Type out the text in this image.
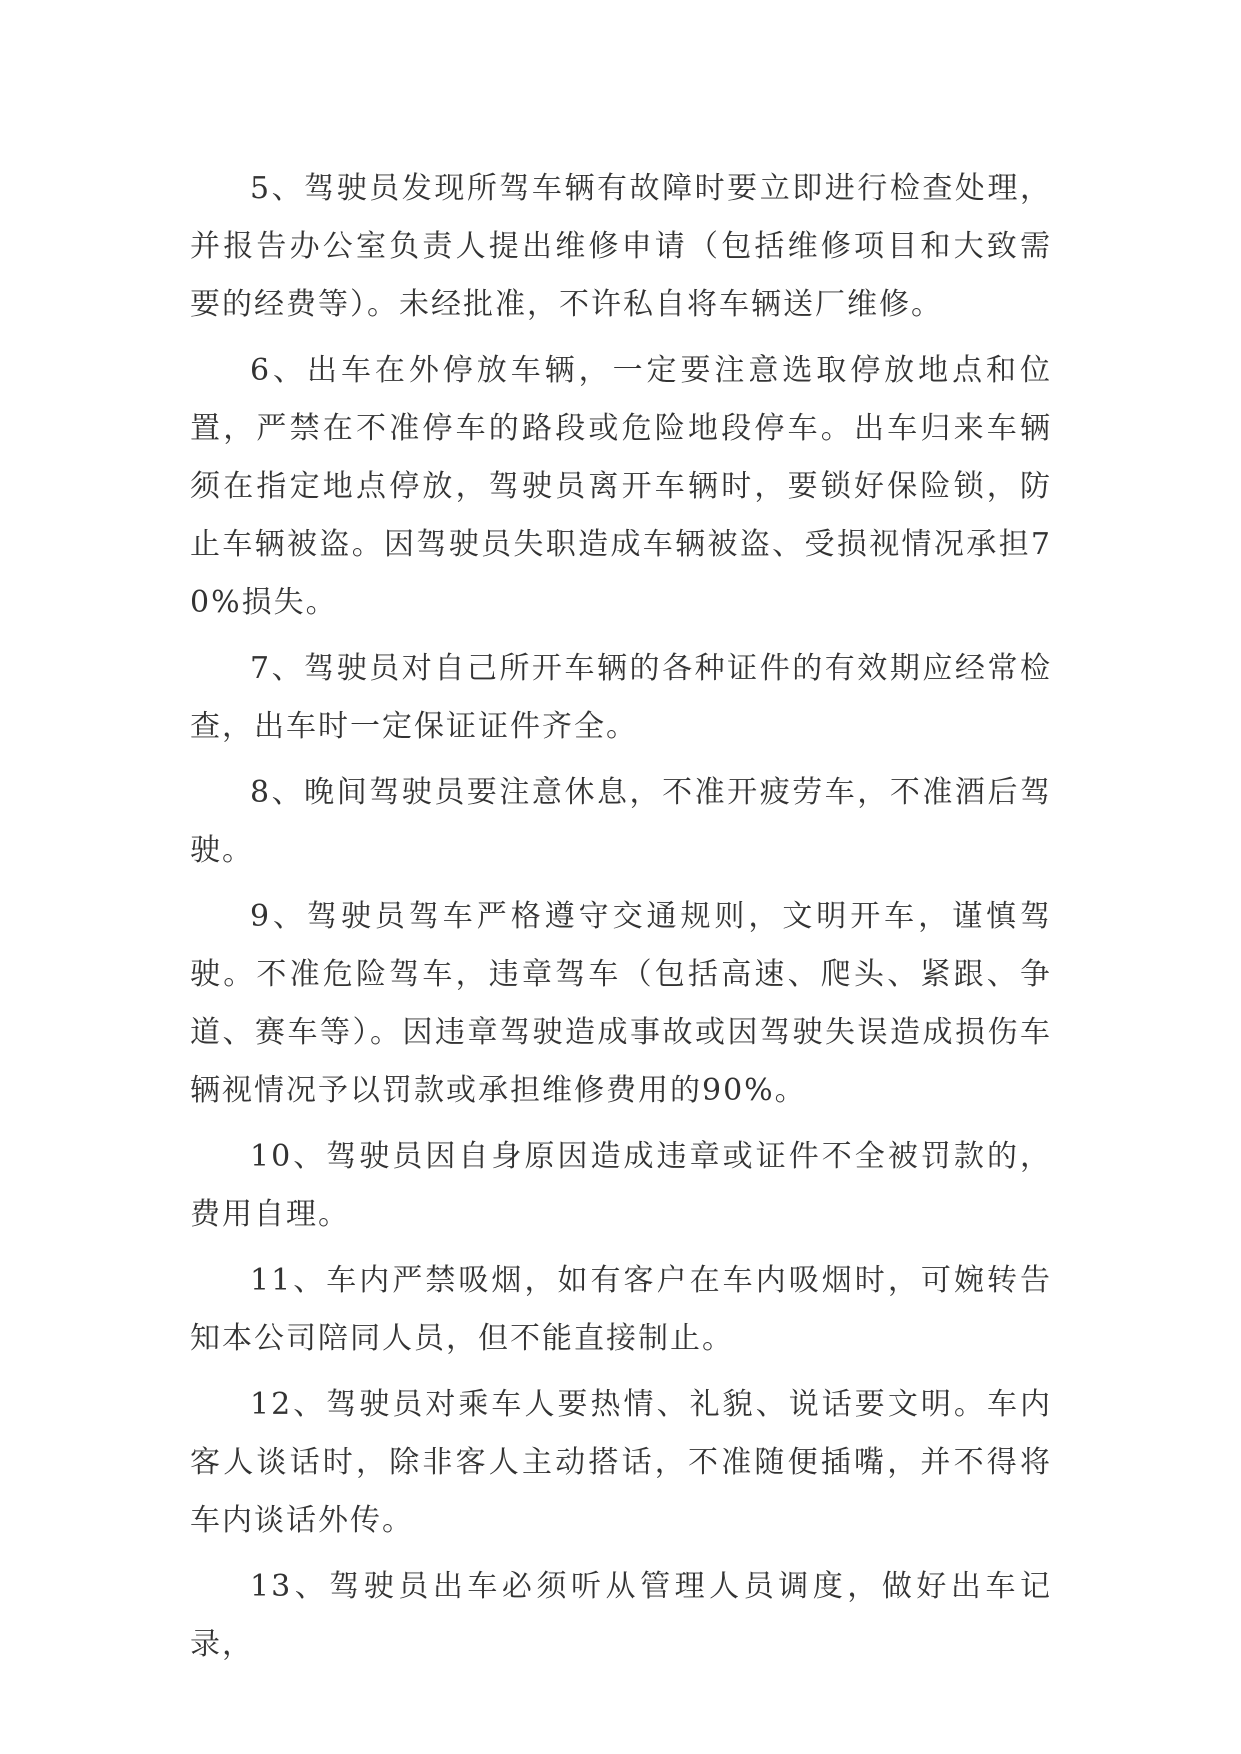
5、驾驶员发现所驾车辆有故障时要立即进行检查处理，并报告办公室负责人提出维修申请（包括维修项目和大致需要的经费等）。未经批准，不许私自将车辆送厂维修。

6、出车在外停放车辆，一定要注意选取停放地点和位置，严禁在不准停车的路段或危险地段停车。出车归来车辆须在指定地点停放，驾驶员离开车辆时，要锁好保险锁，防止车辆被盗。因驾驶员失职造成车辆被盗、受损视情况承担70%损失。

7、驾驶员对自己所开车辆的各种证件的有效期应经常检查，出车时一定保证证件齐全。

8、晚间驾驶员要注意休息，不准开疲劳车，不准酒后驾驶。

9、驾驶员驾车严格遵守交通规则，文明开车，谨慎驾驶。不准危险驾车，违章驾车（包括高速、爬头、紧跟、争道、赛车等）。因违章驾驶造成事故或因驾驶失误造成损伤车辆视情况予以罚款或承担维修费用的90%。

10、驾驶员因自身原因造成违章或证件不全被罚款的，费用自理。

11、车内严禁吸烟，如有客户在车内吸烟时，可婉转告知本公司陪同人员，但不能直接制止。

12、驾驶员对乘车人要热情、礼貌、说话要文明。车内客人谈话时，除非客人主动搭话，不准随便插嘴，并不得将车内谈话外传。

13、驾驶员出车必须听从管理人员调度，做好出车记录，
